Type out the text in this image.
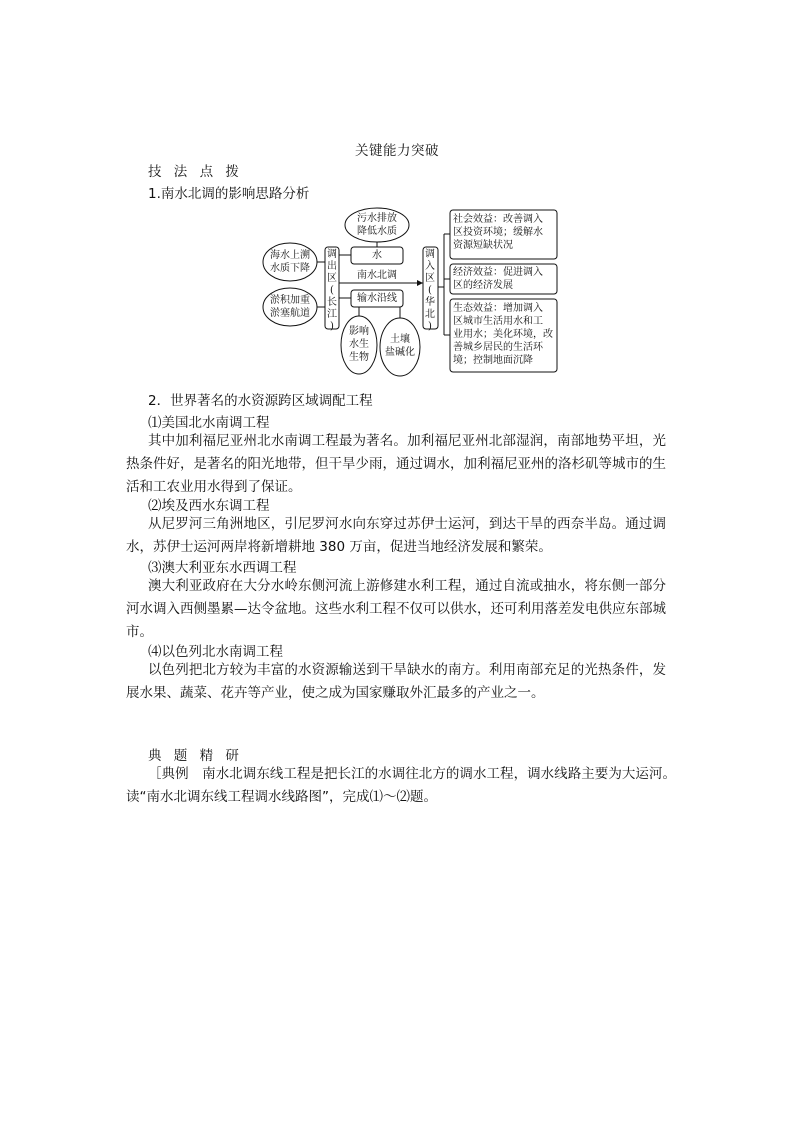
关键能力突破
技 法 点 拨
1.南水北调的影响思路分析
海水上溯
水质下降
淤积加重
淤塞航道
调
出
区
(
长
江
)
污水排放
降低水质
水
南水北调
输水沿线
影响
水生
生物
土壤
盐碱化
调
入
区
(
华
北
)
社会效益：改善调入
区投资环境；缓解水
资源短缺状况
经济效益：促进调入
区的经济发展
生态效益：增加调入
区城市生活用水和工
业用水；美化环境，改
善城乡居民的生活环
境；控制地面沉降
2．世界著名的水资源跨区域调配工程
⑴美国北水南调工程

其中加利福尼亚州北水南调工程最为著名。加利福尼亚州北部湿润，南部地势平坦，光热条件好，是著名的阳光地带，但干旱少雨，通过调水，加利福尼亚州的洛杉矶等城市的生活和工农业用水得到了保证。

⑵埃及西水东调工程

从尼罗河三角洲地区，引尼罗河水向东穿过苏伊士运河，到达干旱的西奈半岛。通过调水，苏伊士运河两岸将新增耕地 380 万亩，促进当地经济发展和繁荣。

⑶澳大利亚东水西调工程

澳大利亚政府在大分水岭东侧河流上游修建水利工程，通过自流或抽水，将东侧一部分河水调入西侧墨累—达令盆地。这些水利工程不仅可以供水，还可利用落差发电供应东部城市。

⑷以色列北水南调工程

以色列把北方较为丰富的水资源输送到干旱缺水的南方。利用南部充足的光热条件，发展水果、蔬菜、花卉等产业，使之成为国家赚取外汇最多的产业之一。

典 题 精 研

［典例　南水北调东线工程是把长江的水调往北方的调水工程，调水线路主要为大运河。读“南水北调东线工程调水线路图”，完成⑴～⑵题。
